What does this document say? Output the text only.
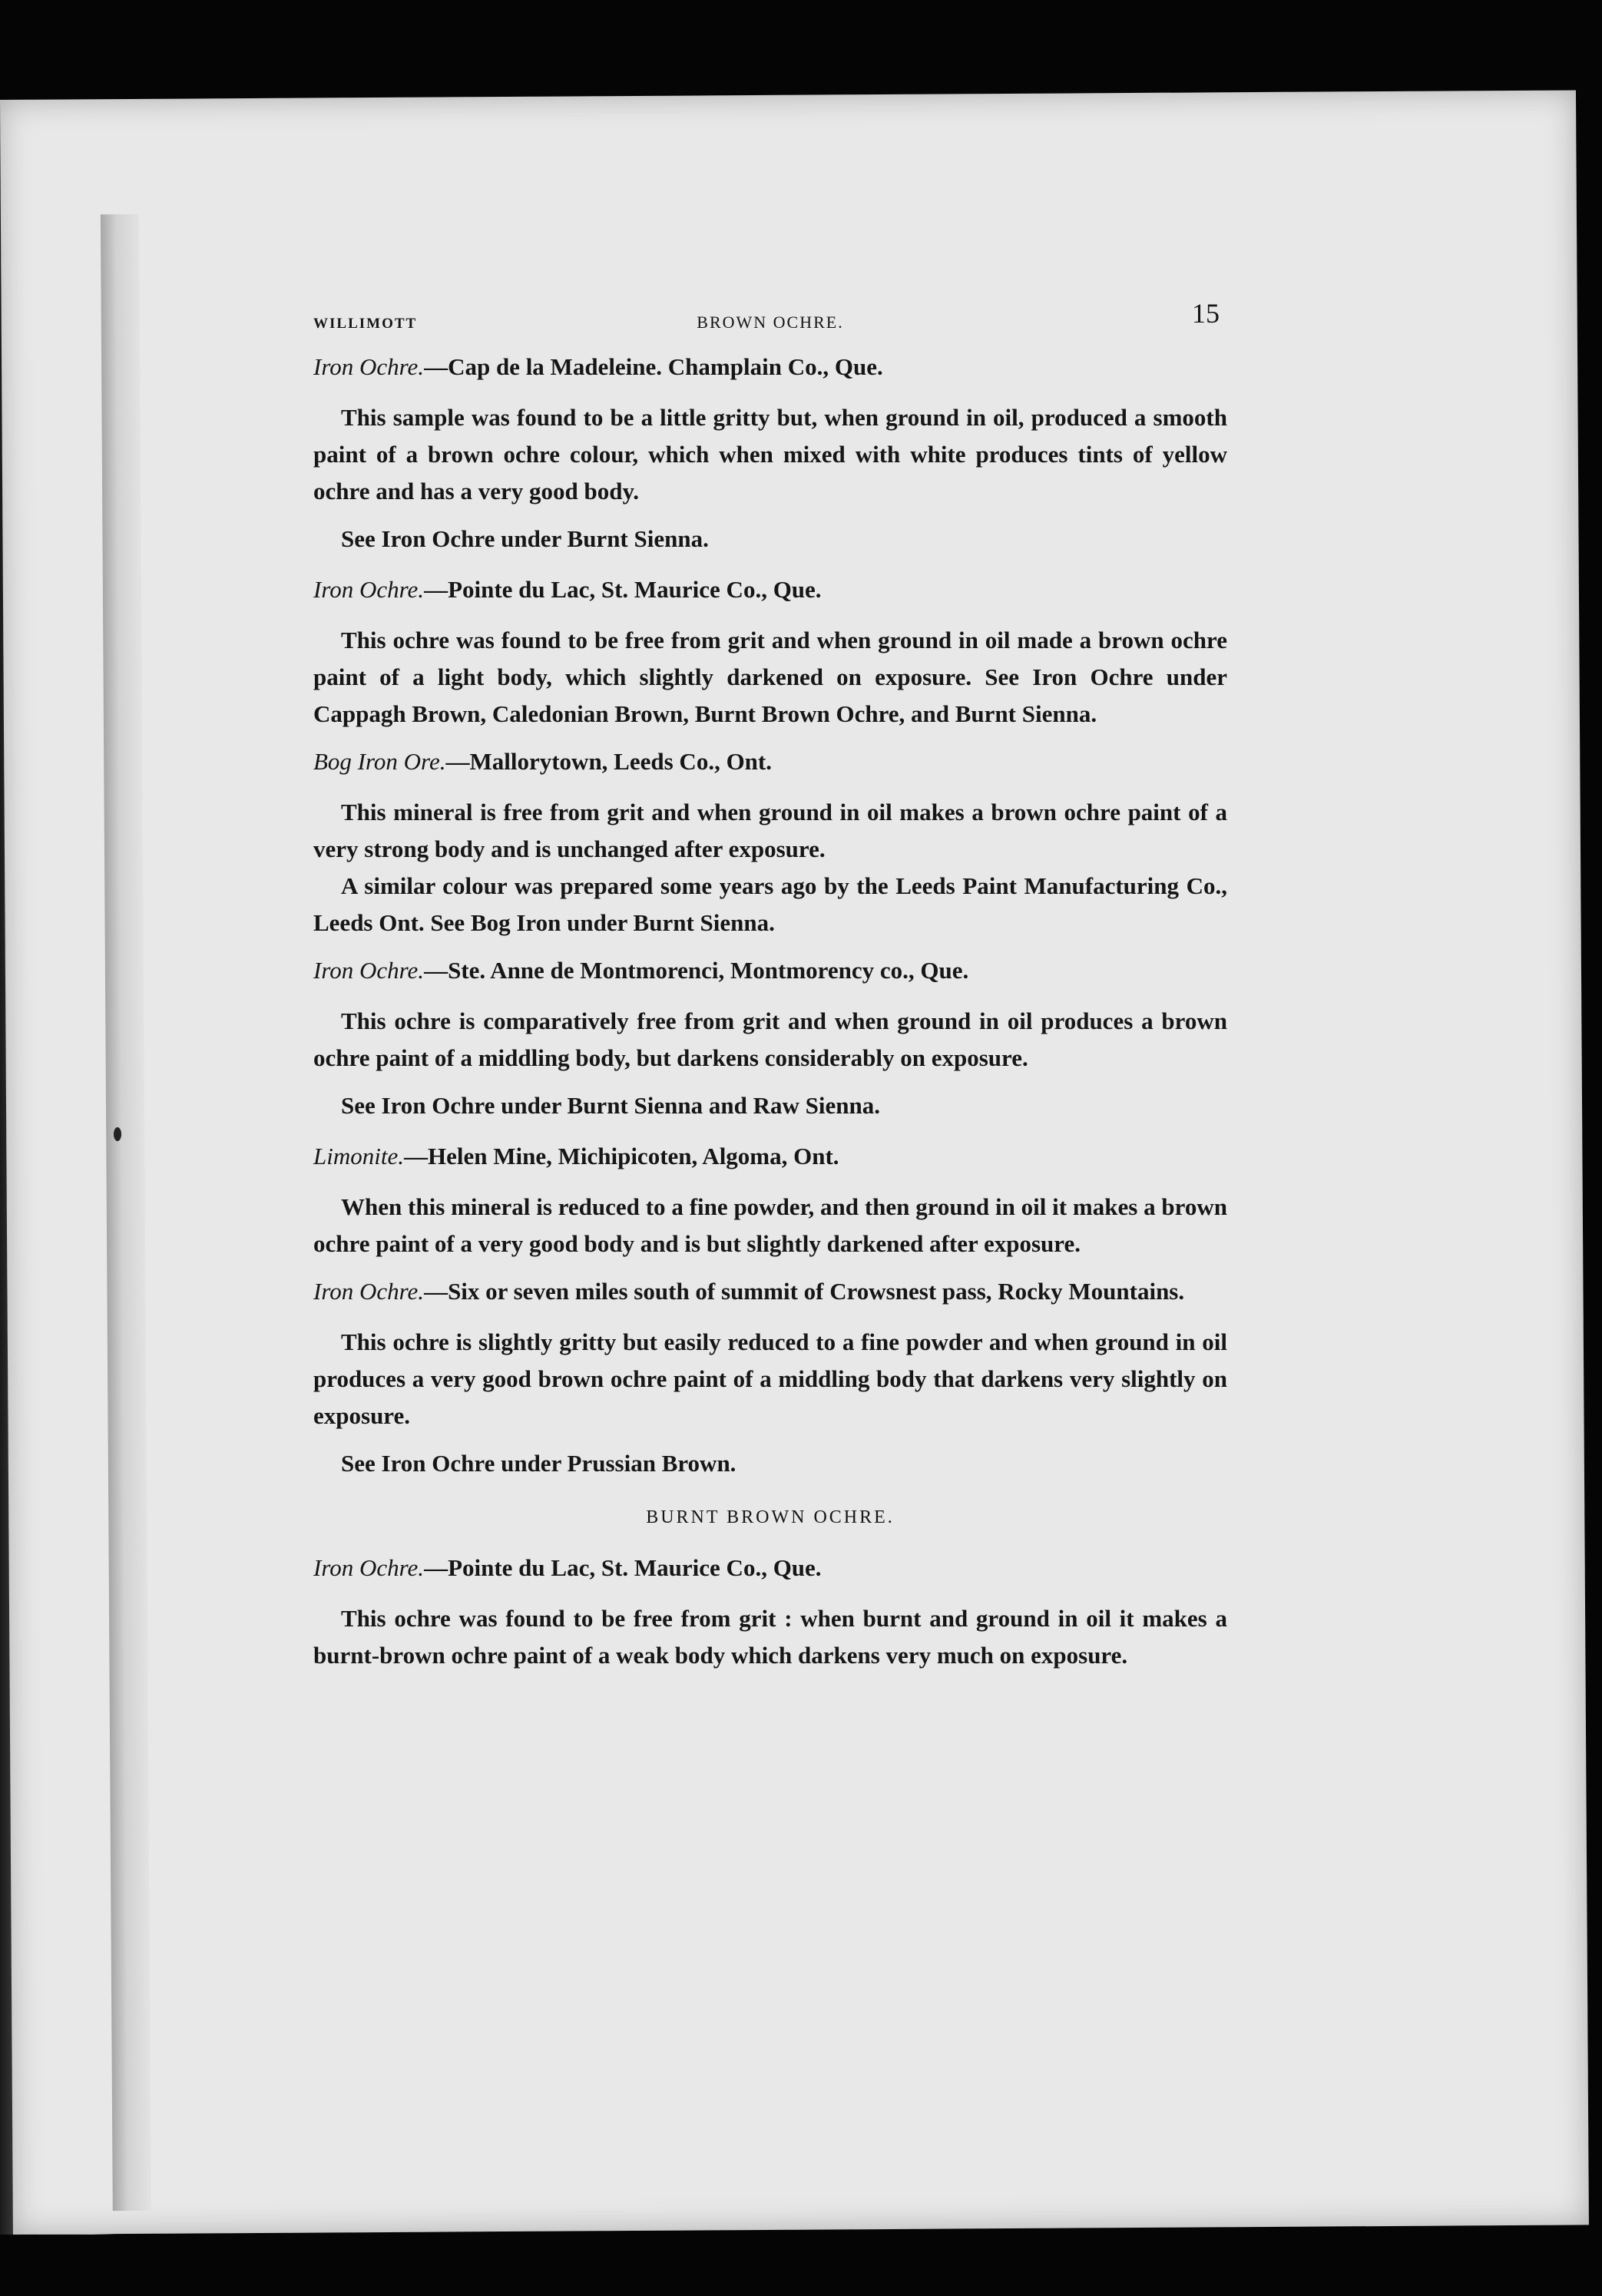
WILLIMOTT	BROWN OCHRE.	15
Iron Ochre.—Cap de la Madeleine. Champlain Co., Que.

This sample was found to be a little gritty but, when ground in oil, produced a smooth paint of a brown ochre colour, which when mixed with white produces tints of yellow ochre and has a very good body.

See Iron Ochre under Burnt Sienna.

Iron Ochre.—Pointe du Lac, St. Maurice Co., Que.

This ochre was found to be free from grit and when ground in oil made a brown ochre paint of a light body, which slightly darkened on exposure. See Iron Ochre under Cappagh Brown, Caledonian Brown, Burnt Brown Ochre, and Burnt Sienna.

Bog Iron Ore.—Mallorytown, Leeds Co., Ont.

This mineral is free from grit and when ground in oil makes a brown ochre paint of a very strong body and is unchanged after exposure.

A similar colour was prepared some years ago by the Leeds Paint Manufacturing Co., Leeds Ont. See Bog Iron under Burnt Sienna.

Iron Ochre.—Ste. Anne de Montmorenci, Montmorency co., Que.

This ochre is comparatively free from grit and when ground in oil produces a brown ochre paint of a middling body, but darkens considerably on exposure.

See Iron Ochre under Burnt Sienna and Raw Sienna.

Limonite.—Helen Mine, Michipicoten, Algoma, Ont.

When this mineral is reduced to a fine powder, and then ground in oil it makes a brown ochre paint of a very good body and is but slightly darkened after exposure.

Iron Ochre.—Six or seven miles south of summit of Crowsnest pass, Rocky Mountains.

This ochre is slightly gritty but easily reduced to a fine powder and when ground in oil produces a very good brown ochre paint of a middling body that darkens very slightly on exposure.

See Iron Ochre under Prussian Brown.

BURNT BROWN OCHRE.
Iron Ochre.—Pointe du Lac, St. Maurice Co., Que.

This ochre was found to be free from grit : when burnt and ground in oil it makes a burnt-brown ochre paint of a weak body which darkens very much on exposure.
